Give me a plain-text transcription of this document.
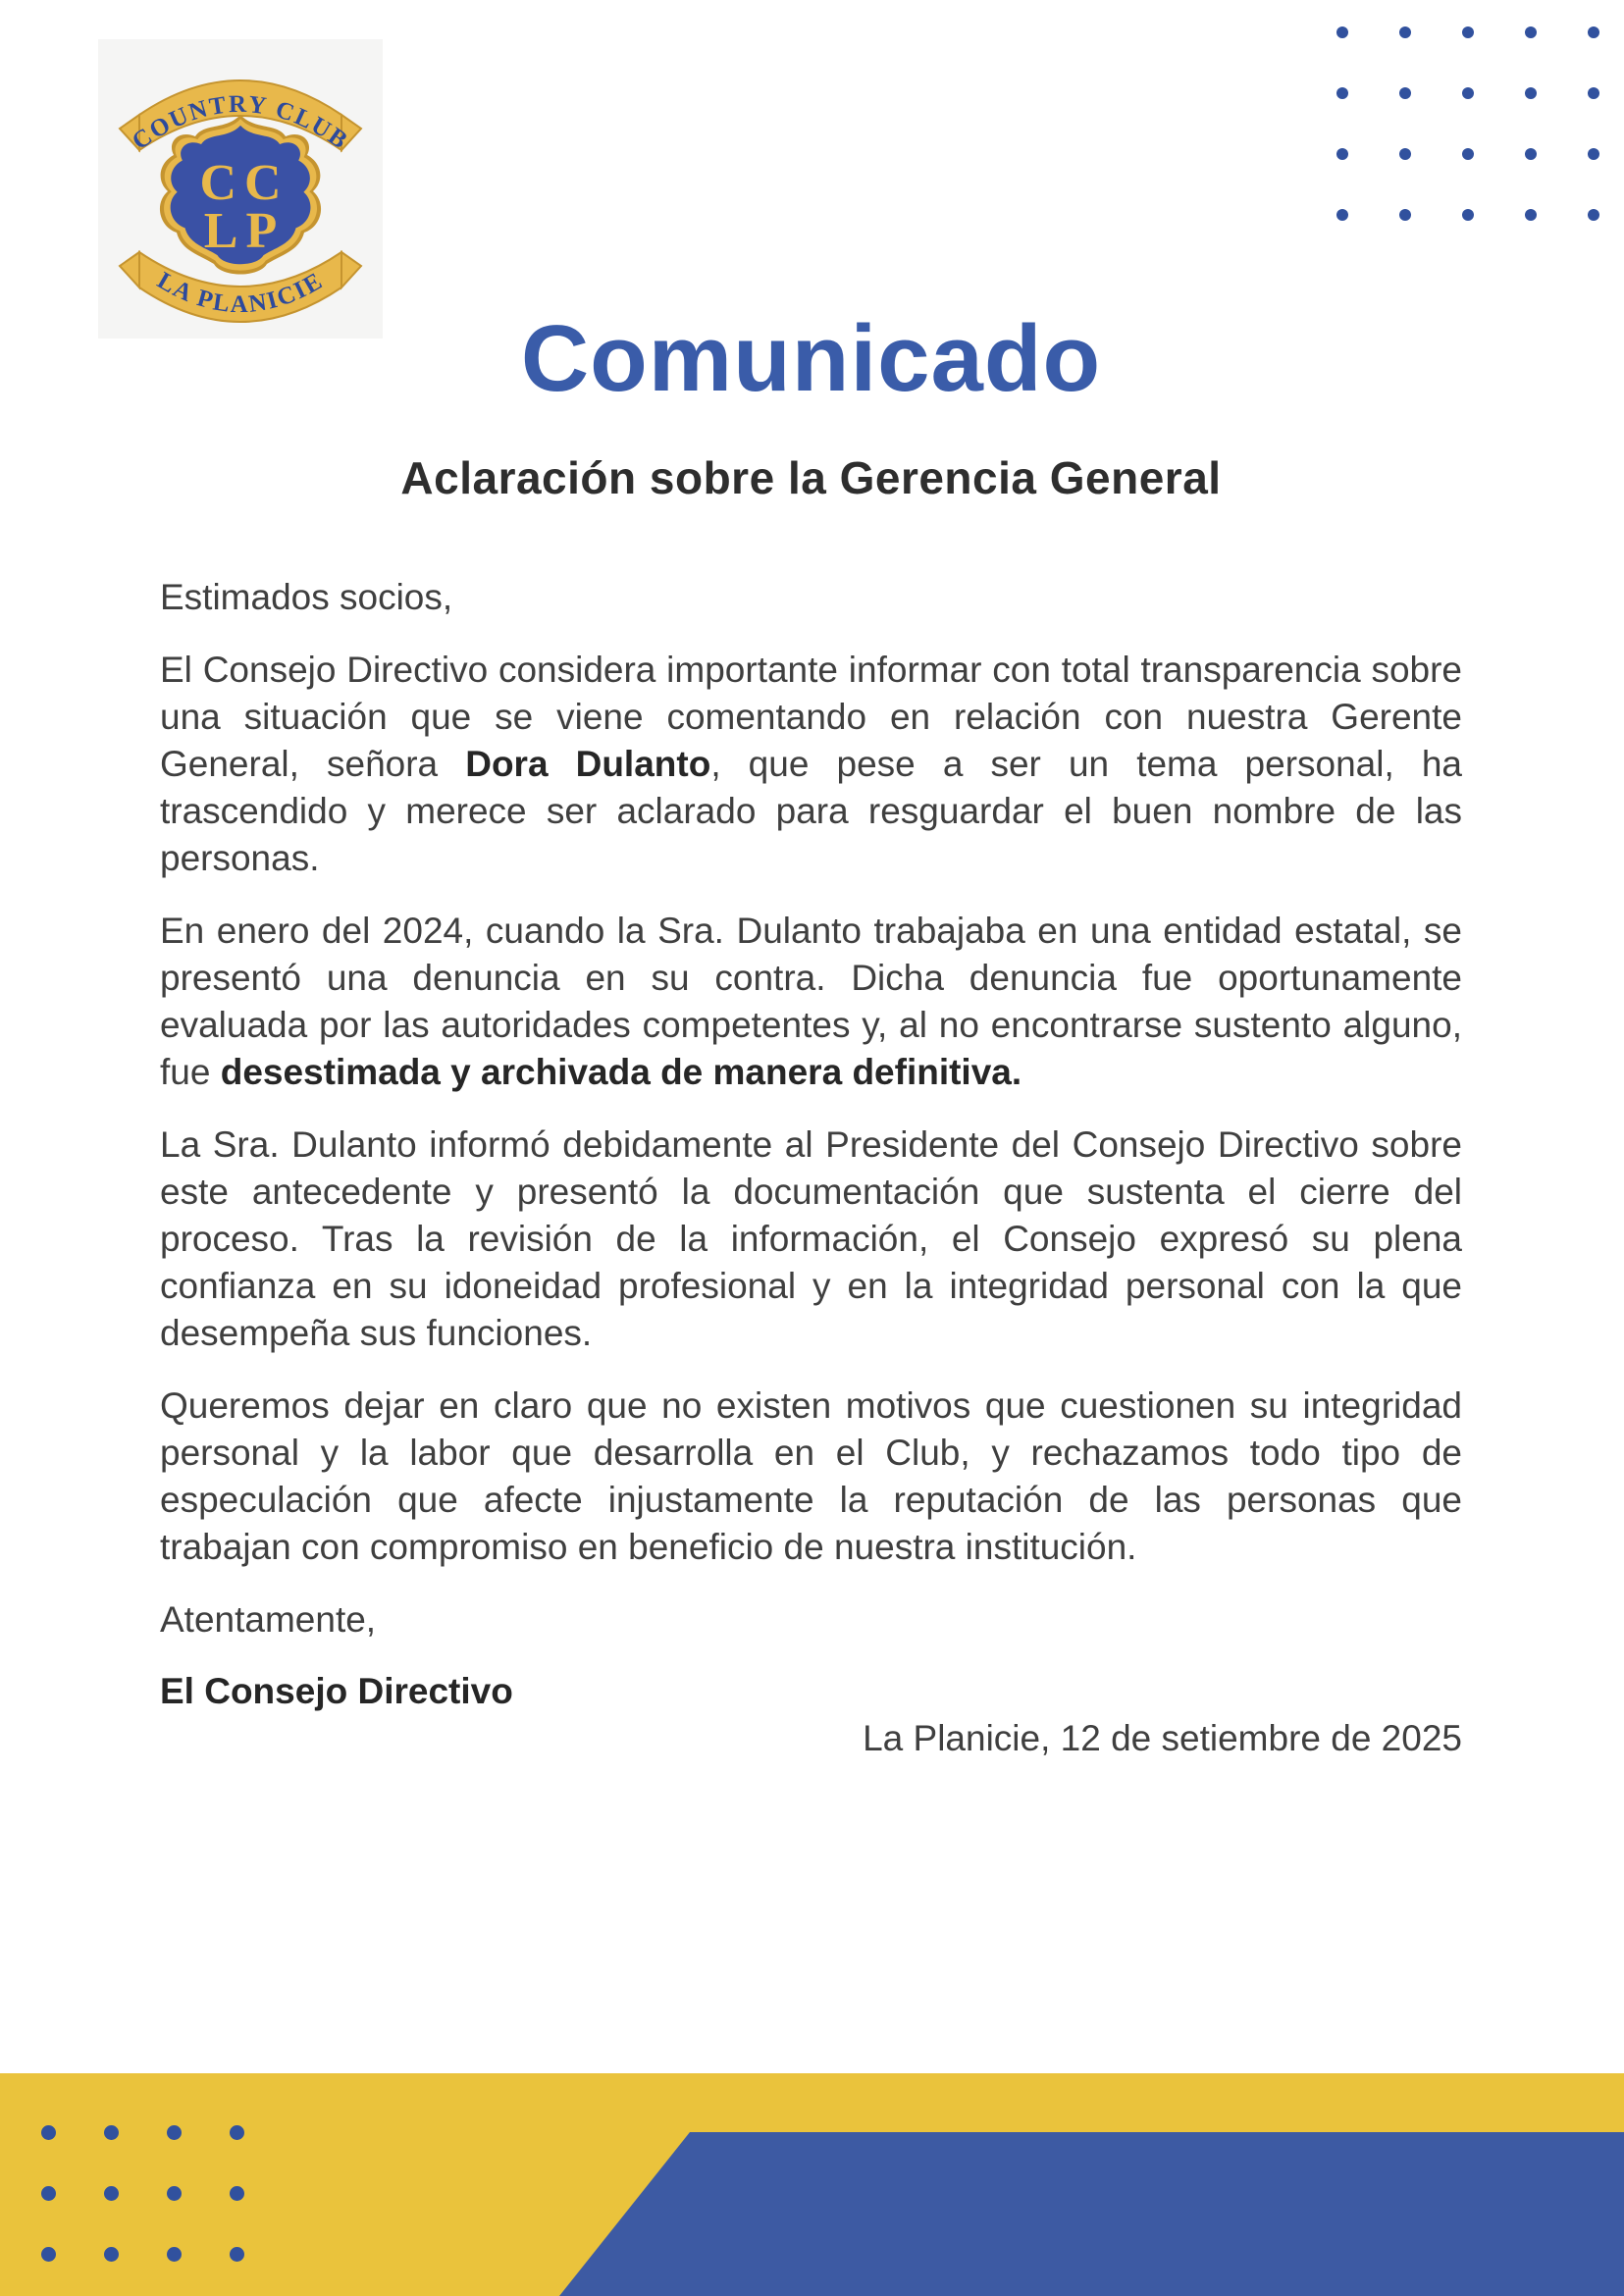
CC
LP
COUNTRY CLUB
LA PLANICIE
Comunicado
Aclaración sobre la Gerencia General

Estimados socios,

El Consejo Directivo considera importante informar con total transparencia sobre una situación que se viene comentando en relación con nuestra Gerente General, señora Dora Dulanto, que pese a ser un tema personal, ha trascendido y merece ser aclarado para resguardar el buen nombre de las personas.

En enero del 2024, cuando la Sra. Dulanto trabajaba en una entidad estatal, se presentó una denuncia en su contra. Dicha denuncia fue oportunamente evaluada por las autoridades competentes y, al no encontrarse sustento alguno, fue desestimada y archivada de manera definitiva.

La Sra. Dulanto informó debidamente al Presidente del Consejo Directivo sobre este antecedente y presentó la documentación que sustenta el cierre del proceso. Tras la revisión de la información, el Consejo expresó su plena confianza en su idoneidad profesional y en la integridad personal con la que desempeña sus funciones.

Queremos dejar en claro que no existen motivos que cuestionen su integridad personal y la labor que desarrolla en el Club, y rechazamos todo tipo de especulación que afecte injustamente la reputación de las personas que trabajan con compromiso en beneficio de nuestra institución.

Atentamente,

El Consejo Directivo

La Planicie, 12 de setiembre de 2025
